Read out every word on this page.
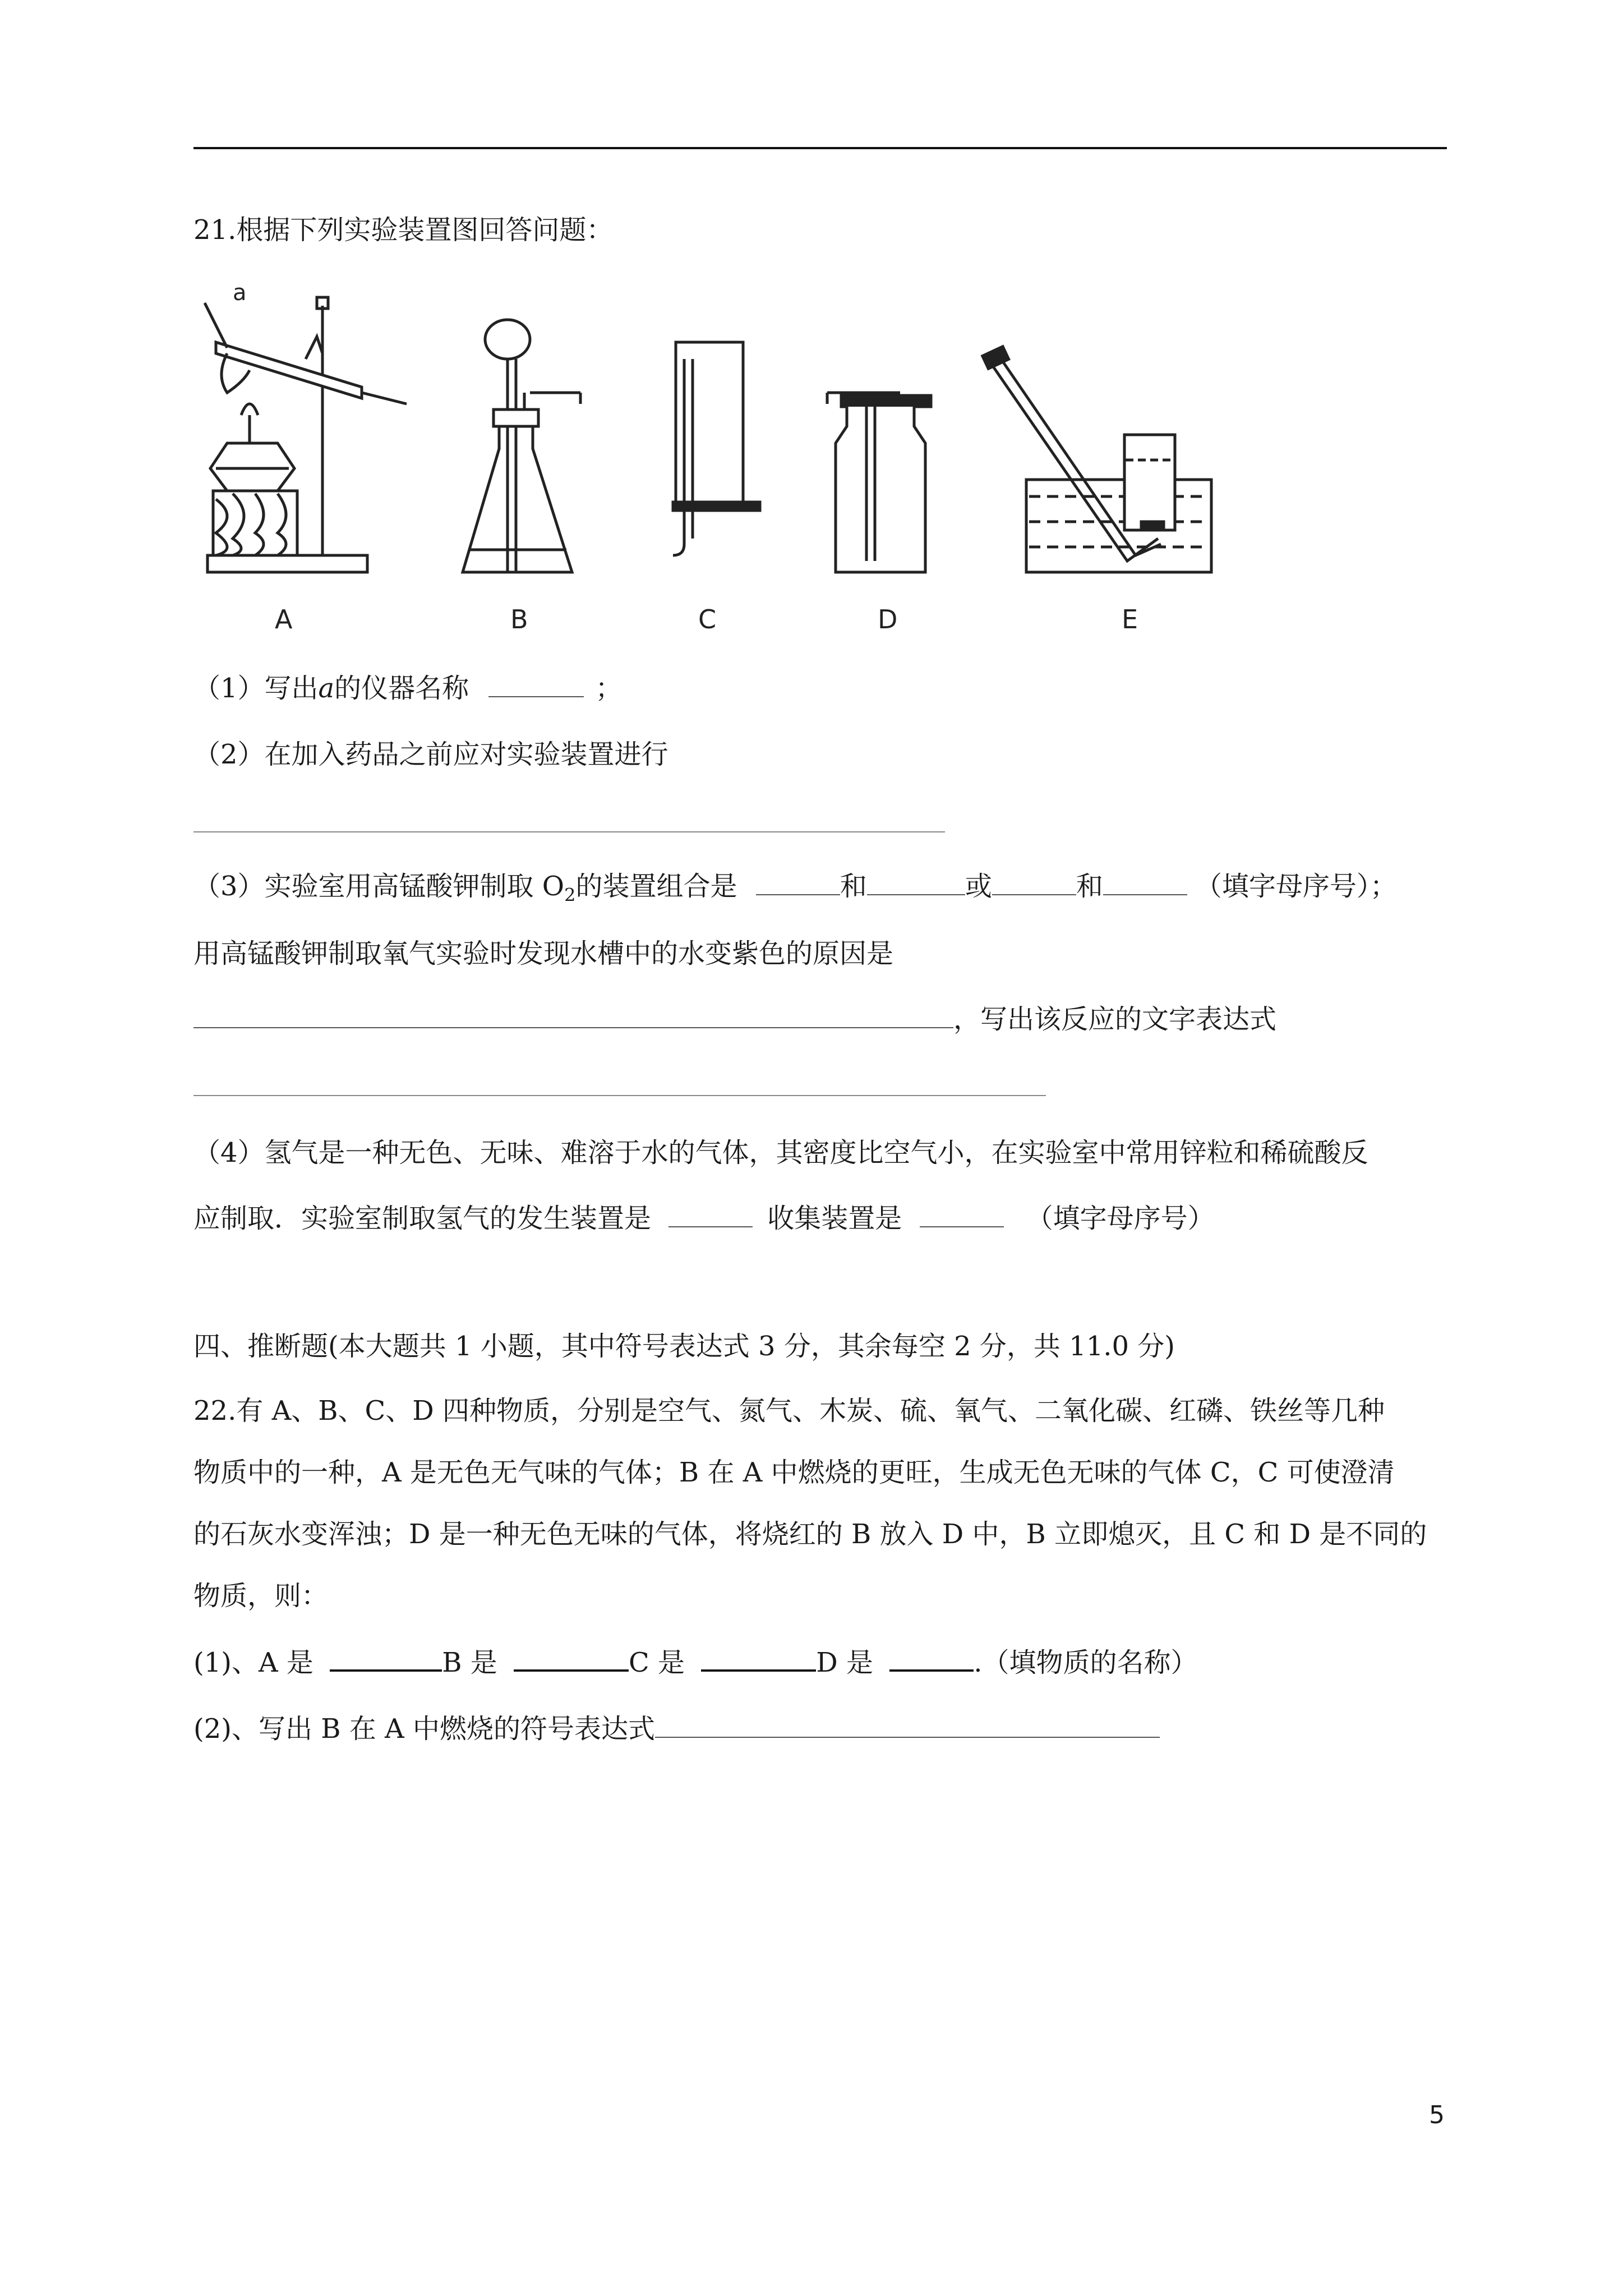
21.根据下列实验装置图回答问题：
a
A	B	C	D	E
（1）写出a的仪器名称	；
（2）在加入药品之前应对实验装置进行
（3）实验室用高锰酸钾制取 $O_2$的装置组合是	和	或	和	（填字母序号）；
用高锰酸钾制取氧气实验时发现水槽中的水变紫色的原因是
，写出该反应的文字表达式
（4）氢气是一种无色、无味、难溶于水的气体，其密度比空气小，在实验室中常用锌粒和稀硫酸反
应制取．实验室制取氢气的发生装置是	收集装置是	（填字母序号）
四、推断题(本大题共 1 小题，其中符号表达式 3 分，其余每空 2 分，共 11.0 分)
22.有 A、B、C、D 四种物质，分别是空气、氮气、木炭、硫、氧气、二氧化碳、红磷、铁丝等几种
物质中的一种，A 是无色无气味的气体；B 在 A 中燃烧的更旺，生成无色无味的气体 C，C 可使澄清
的石灰水变浑浊；D 是一种无色无味的气体，将烧红的 B 放入 D 中，B 立即熄灭，且 C 和 D 是不同的
物质，则：
(1)、A 是	B 是	C 是	D 是	.（填物质的名称）
(2)、写出 B 在 A 中燃烧的符号表达式
5
